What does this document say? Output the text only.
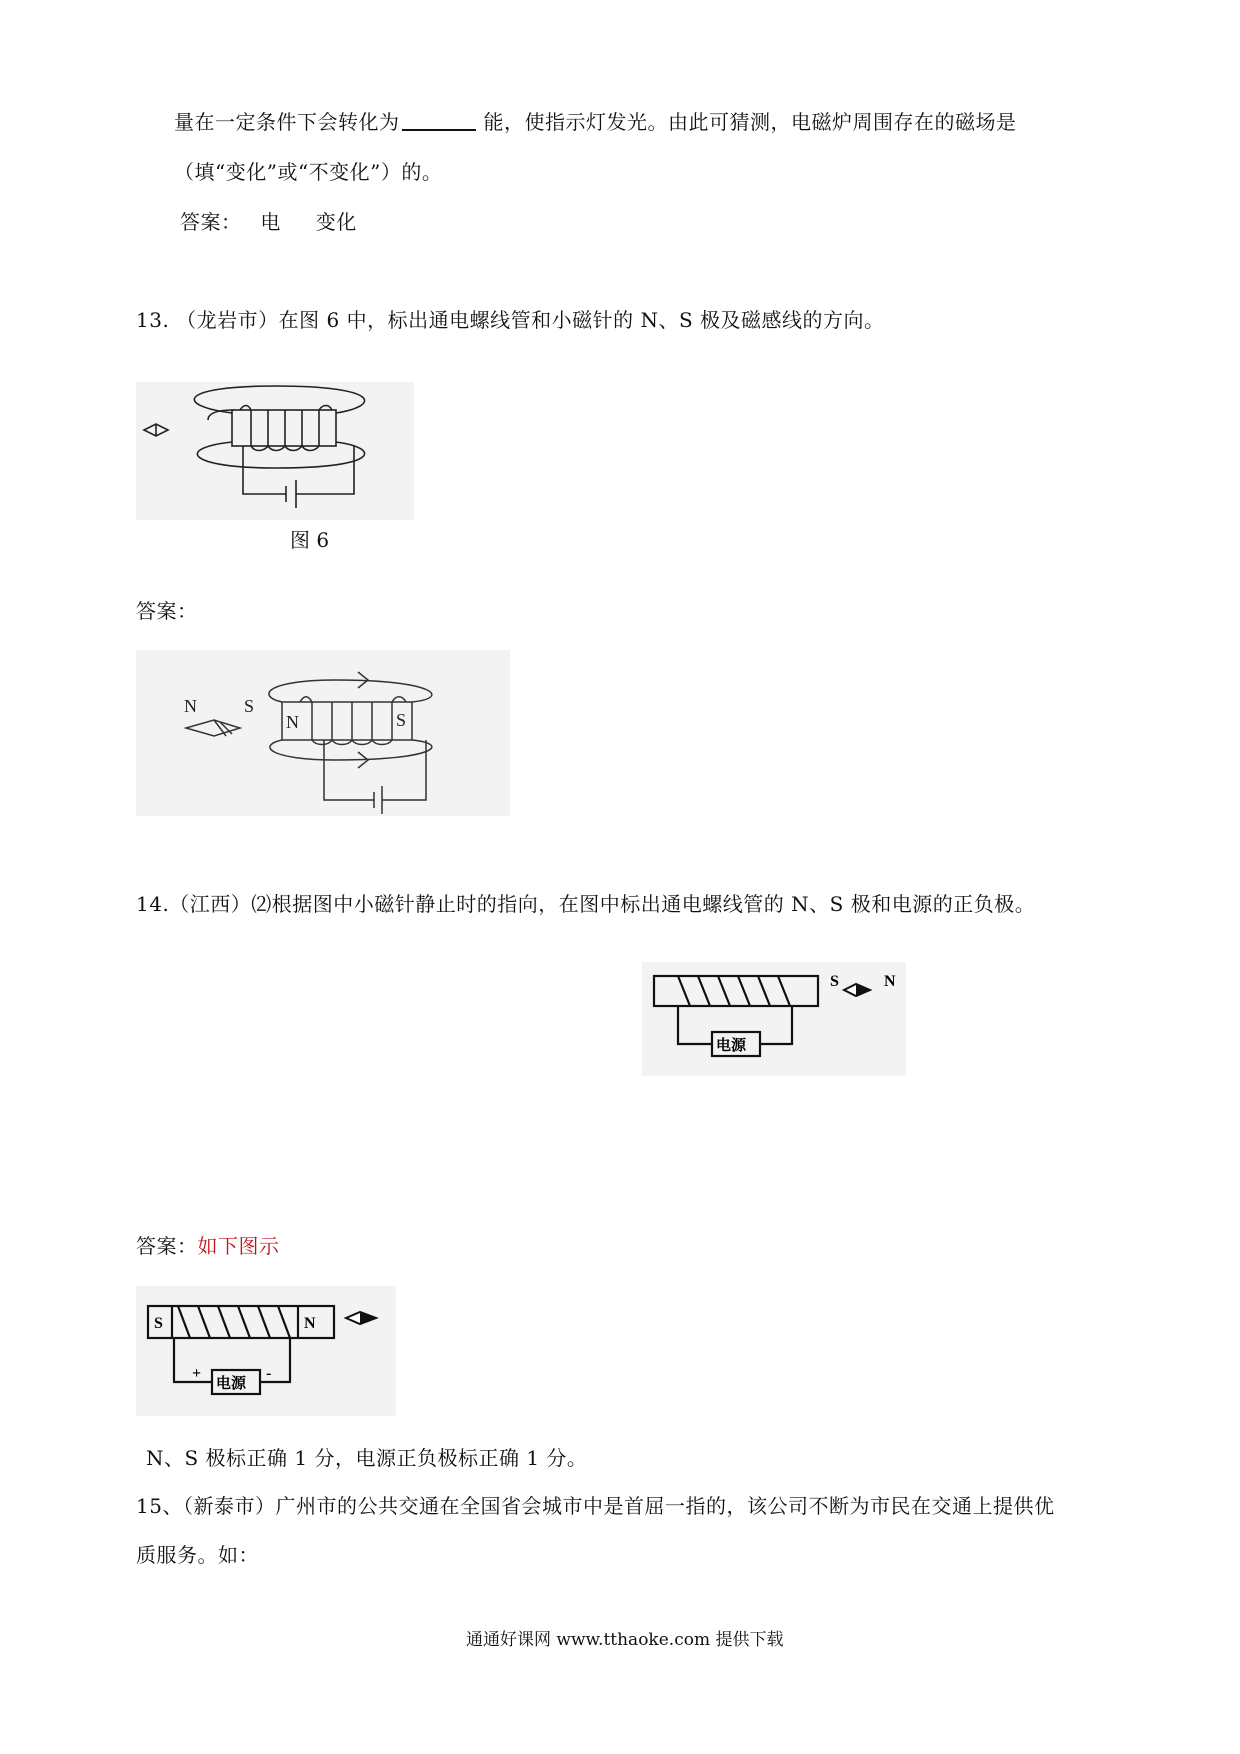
量在一定条件下会转化为	能，使指示灯发光。由此可猜测，电磁炉周围存在的磁场是
（填“变化”或“不变化”）的。
答案： 电 变化
13. （龙岩市）在图 6 中，标出通电螺线管和小磁针的 N、S 极及磁感线的方向。
图 6
答案：
N	S
N	S
14.（江西）⑵根据图中小磁针静止时的指向，在图中标出通电螺线管的 N、S 极和电源的正负极。
S	N
电源
答案：如下图示
S	N
+	-
电源
N、S 极标正确 1 分，电源正负极标正确 1 分。
15、（新泰市）广州市的公共交通在全国省会城市中是首屈一指的，该公司不断为市民在交通上提供优
质服务。如：
通通好课网 www.tthaoke.com 提供下载
